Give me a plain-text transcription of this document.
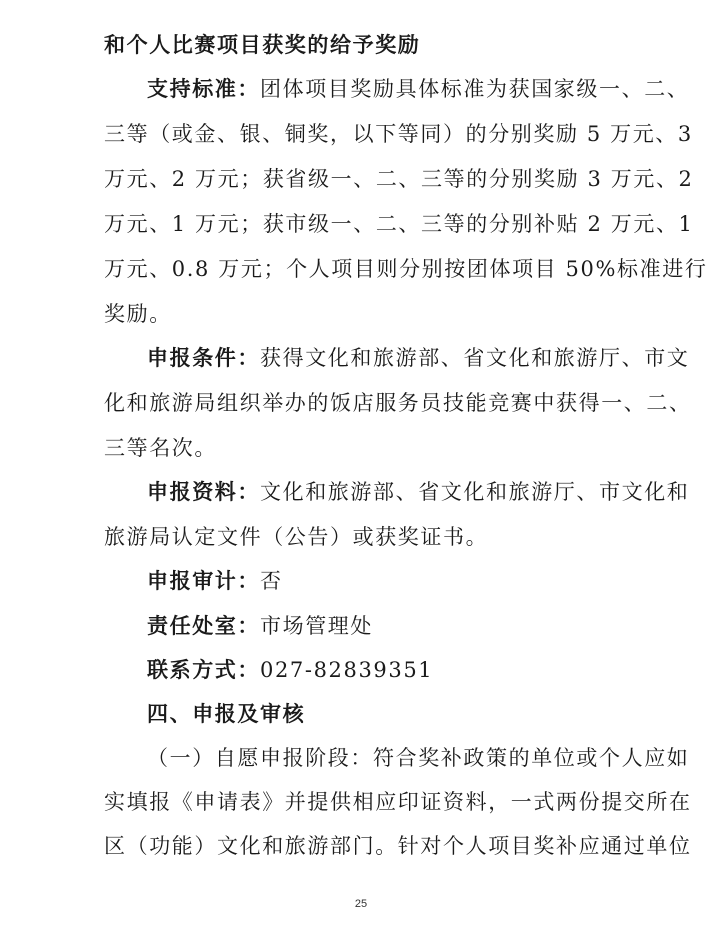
和个人比赛项目获奖的给予奖励
支持标准：团体项目奖励具体标准为获国家级一、二、
三等（或金、银、铜奖，以下等同）的分别奖励 5 万元、3
万元、2 万元；获省级一、二、三等的分别奖励 3 万元、2
万元、1 万元；获市级一、二、三等的分别补贴 2 万元、1
万元、0.8 万元；个人项目则分别按团体项目 50%标准进行
奖励。
申报条件：获得文化和旅游部、省文化和旅游厅、市文
化和旅游局组织举办的饭店服务员技能竞赛中获得一、二、
三等名次。
申报资料：文化和旅游部、省文化和旅游厅、市文化和
旅游局认定文件（公告）或获奖证书。
申报审计：否
责任处室：市场管理处
联系方式：027-82839351
四、申报及审核
（一）自愿申报阶段：符合奖补政策的单位或个人应如
实填报《申请表》并提供相应印证资料，一式两份提交所在
区（功能）文化和旅游部门。针对个人项目奖补应通过单位
25
